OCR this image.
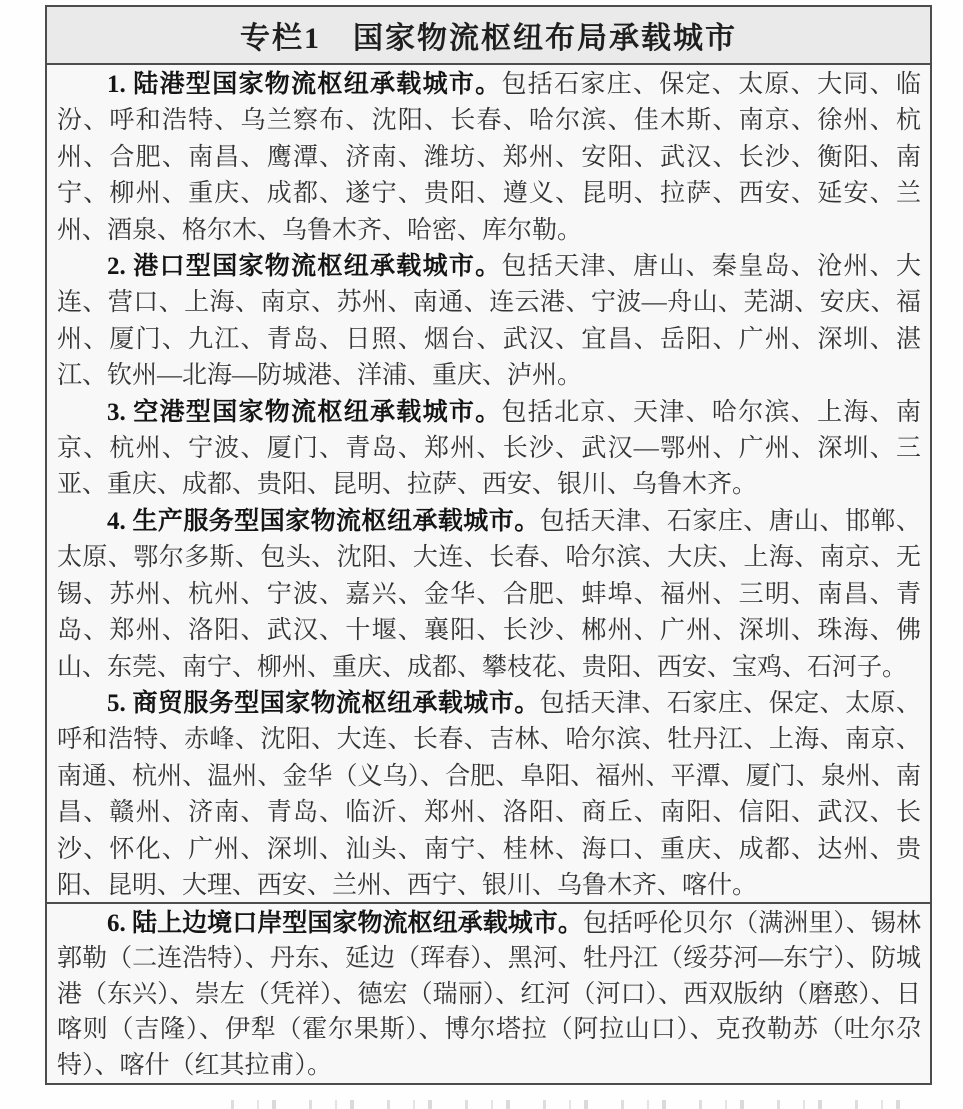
专栏1　国家物流枢纽布局承载城市

1. 陆港型国家物流枢纽承载城市。包括石家庄、保定、太原、大同、临汾、呼和浩特、乌兰察布、沈阳、长春、哈尔滨、佳木斯、南京、徐州、杭州、合肥、南昌、鹰潭、济南、潍坊、郑州、安阳、武汉、长沙、衡阳、南宁、柳州、重庆、成都、遂宁、贵阳、遵义、昆明、拉萨、西安、延安、兰州、酒泉、格尔木、乌鲁木齐、哈密、库尔勒。

2. 港口型国家物流枢纽承载城市。包括天津、唐山、秦皇岛、沧州、大连、营口、上海、南京、苏州、南通、连云港、宁波—舟山、芜湖、安庆、福州、厦门、九江、青岛、日照、烟台、武汉、宜昌、岳阳、广州、深圳、湛江、钦州—北海—防城港、洋浦、重庆、泸州。

3. 空港型国家物流枢纽承载城市。包括北京、天津、哈尔滨、上海、南京、杭州、宁波、厦门、青岛、郑州、长沙、武汉—鄂州、广州、深圳、三亚、重庆、成都、贵阳、昆明、拉萨、西安、银川、乌鲁木齐。

4. 生产服务型国家物流枢纽承载城市。包括天津、石家庄、唐山、邯郸、太原、鄂尔多斯、包头、沈阳、大连、长春、哈尔滨、大庆、上海、南京、无锡、苏州、杭州、宁波、嘉兴、金华、合肥、蚌埠、福州、三明、南昌、青岛、郑州、洛阳、武汉、十堰、襄阳、长沙、郴州、广州、深圳、珠海、佛山、东莞、南宁、柳州、重庆、成都、攀枝花、贵阳、西安、宝鸡、石河子。

5. 商贸服务型国家物流枢纽承载城市。包括天津、石家庄、保定、太原、呼和浩特、赤峰、沈阳、大连、长春、吉林、哈尔滨、牡丹江、上海、南京、南通、杭州、温州、金华（义乌）、合肥、阜阳、福州、平潭、厦门、泉州、南昌、赣州、济南、青岛、临沂、郑州、洛阳、商丘、南阳、信阳、武汉、长沙、怀化、广州、深圳、汕头、南宁、桂林、海口、重庆、成都、达州、贵阳、昆明、大理、西安、兰州、西宁、银川、乌鲁木齐、喀什。

6. 陆上边境口岸型国家物流枢纽承载城市。包括呼伦贝尔（满洲里）、锡林郭勒（二连浩特）、丹东、延边（珲春）、黑河、牡丹江（绥芬河—东宁）、防城港（东兴）、崇左（凭祥）、德宏（瑞丽）、红河（河口）、西双版纳（磨憨）、日喀则（吉隆）、伊犁（霍尔果斯）、博尔塔拉（阿拉山口）、克孜勒苏（吐尔尕特）、喀什（红其拉甫）。
